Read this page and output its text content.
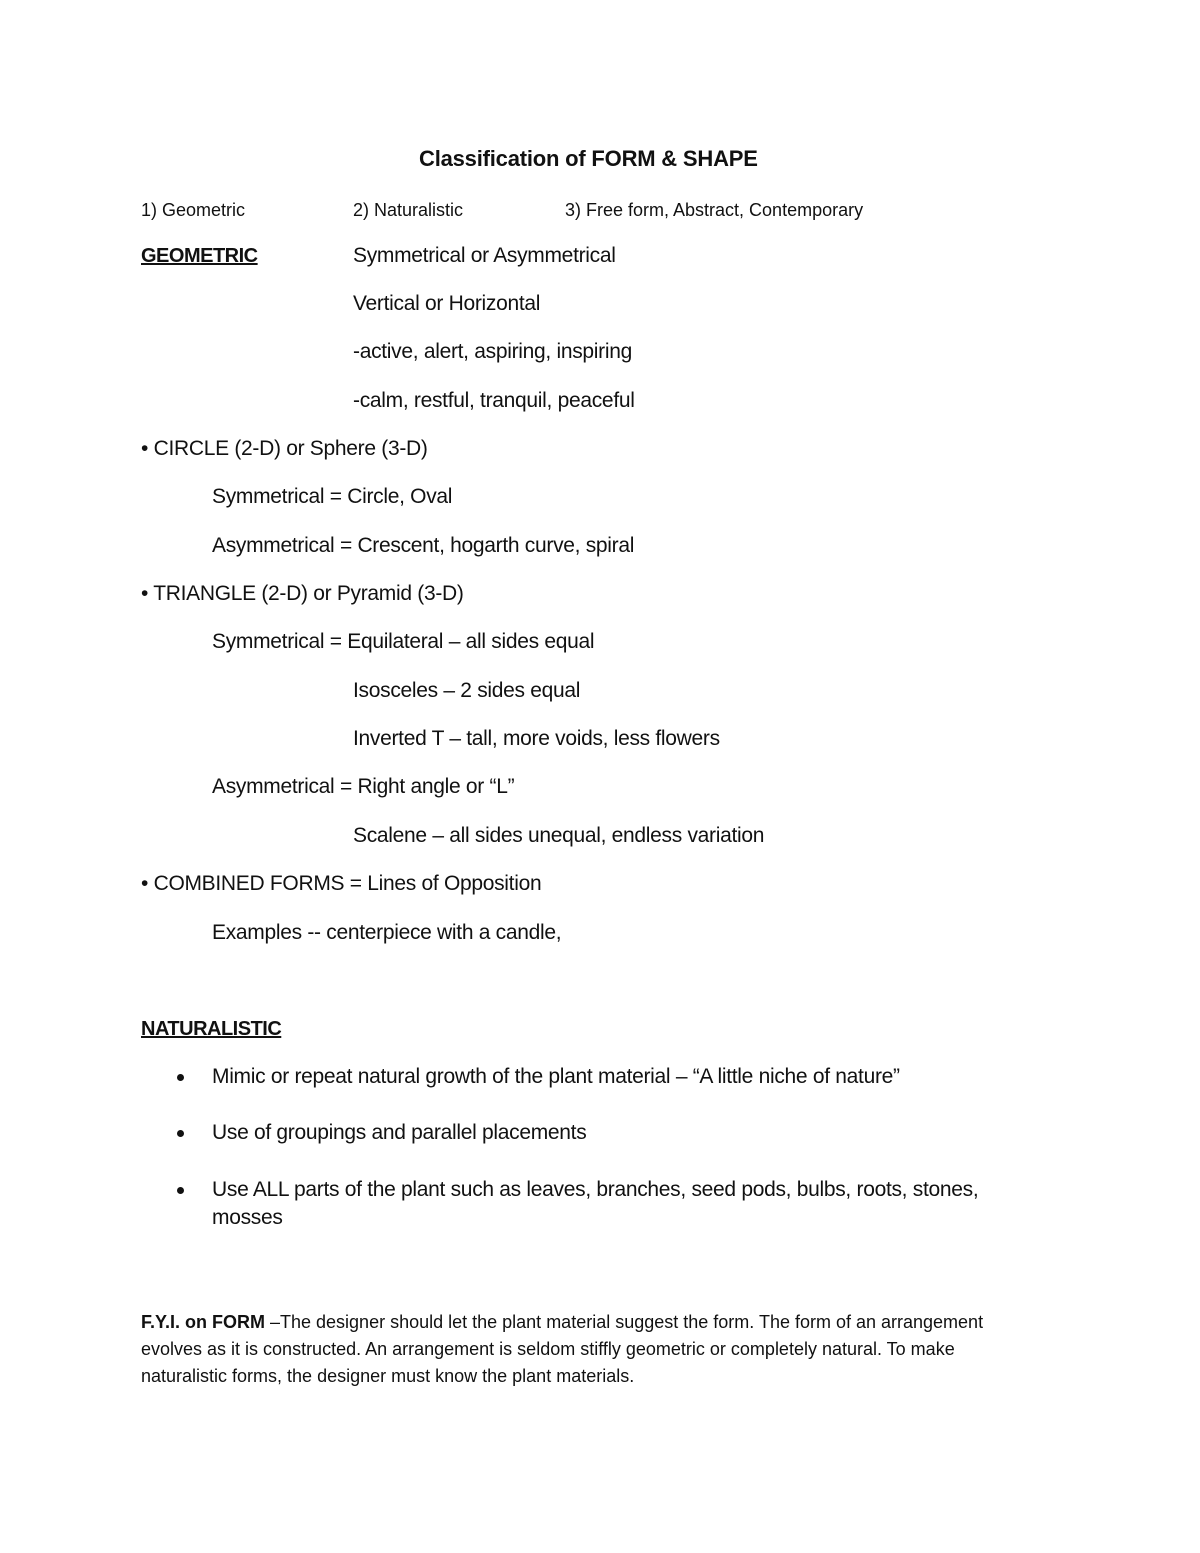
Classification of FORM & SHAPE
1) Geometric	2) Naturalistic	3) Free form, Abstract, Contemporary
GEOMETRIC	Symmetrical or Asymmetrical
Vertical or Horizontal
-active, alert, aspiring, inspiring
-calm, restful, tranquil, peaceful
• CIRCLE (2-D) or Sphere (3-D)
Symmetrical = Circle, Oval
Asymmetrical = Crescent, hogarth curve, spiral
• TRIANGLE (2-D) or Pyramid (3-D)
Symmetrical = Equilateral – all sides equal
Isosceles – 2 sides equal
Inverted T – tall, more voids, less flowers
Asymmetrical = Right angle or “L”
Scalene – all sides unequal, endless variation
• COMBINED FORMS = Lines of Opposition
Examples -- centerpiece with a candle,
NATURALISTIC
Mimic or repeat natural growth of the plant material – “A little niche of nature”
Use of groupings and parallel placements
Use ALL parts of the plant such as leaves, branches, seed pods, bulbs, roots, stones,
mosses
F.Y.I. on FORM –The designer should let the plant material suggest the form. The form of an arrangement evolves as it is constructed. An arrangement is seldom stiffly geometric or completely natural. To make naturalistic forms, the designer must know the plant materials.
